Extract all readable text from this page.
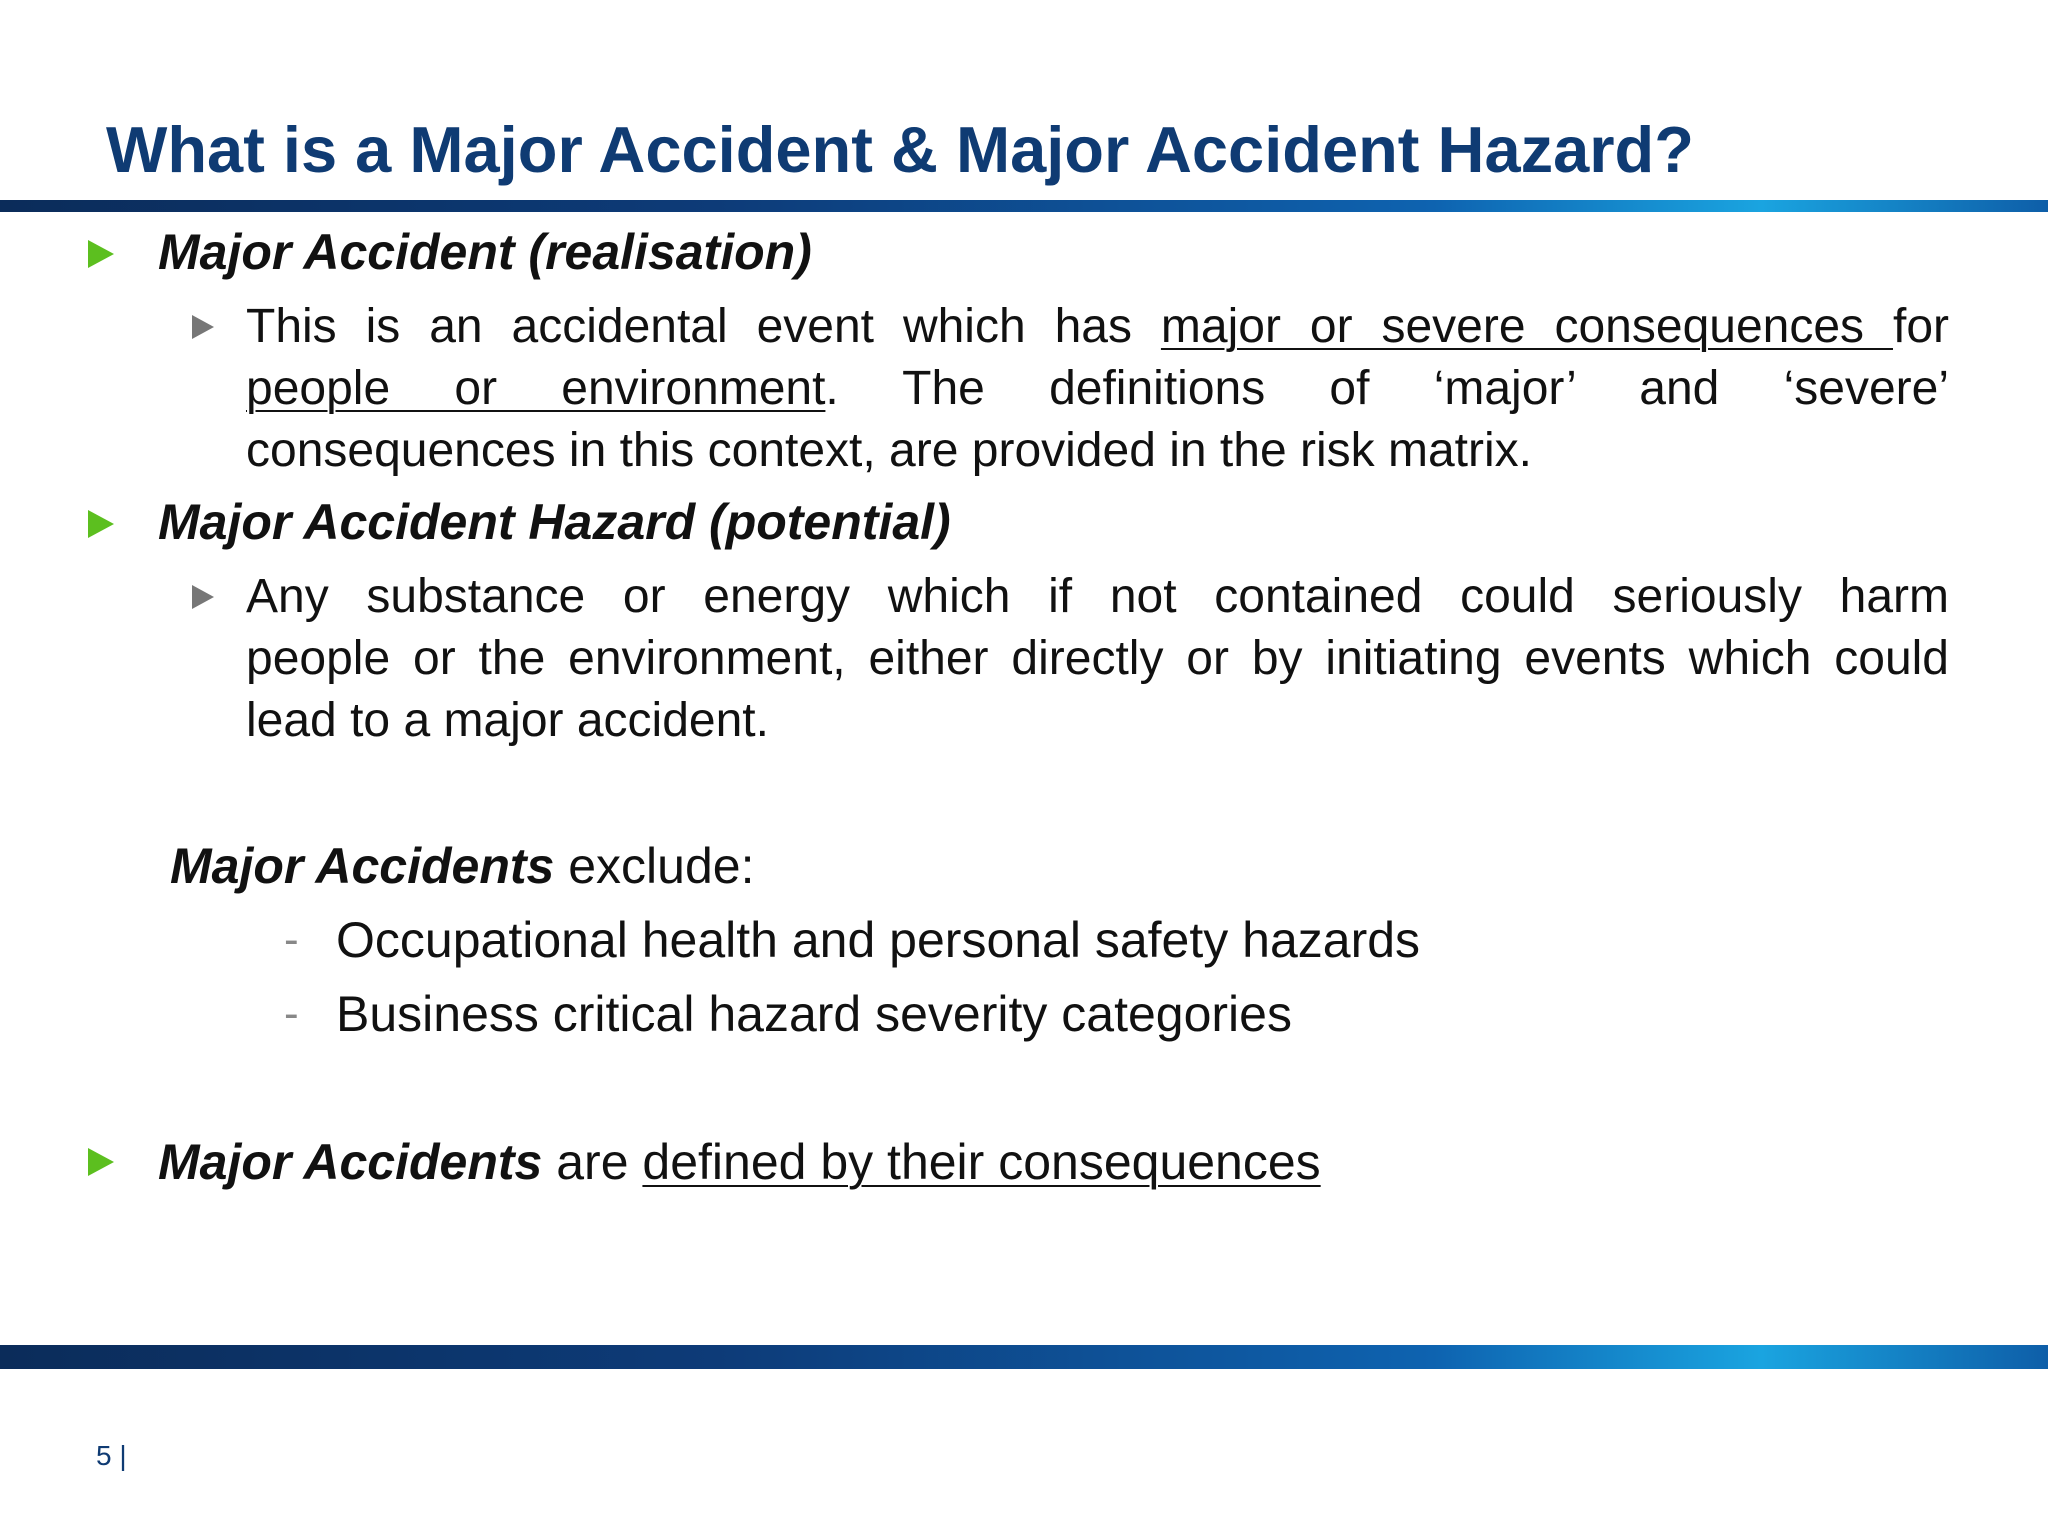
What is a Major Accident & Major Accident Hazard?

Major Accident (realisation)

This is an accidental event which has major or severe consequences for
people or environment. The definitions of ‘major’ and ‘severe’
consequences in this context, are provided in the risk matrix.

Major Accident Hazard (potential)

Any substance or energy which if not contained could seriously harm
people or the environment, either directly or by initiating events which could
lead to a major accident.

Major Accidents exclude:

- Occupational health and personal safety hazards

- Business critical hazard severity categories

Major Accidents are defined by their consequences

5 |
